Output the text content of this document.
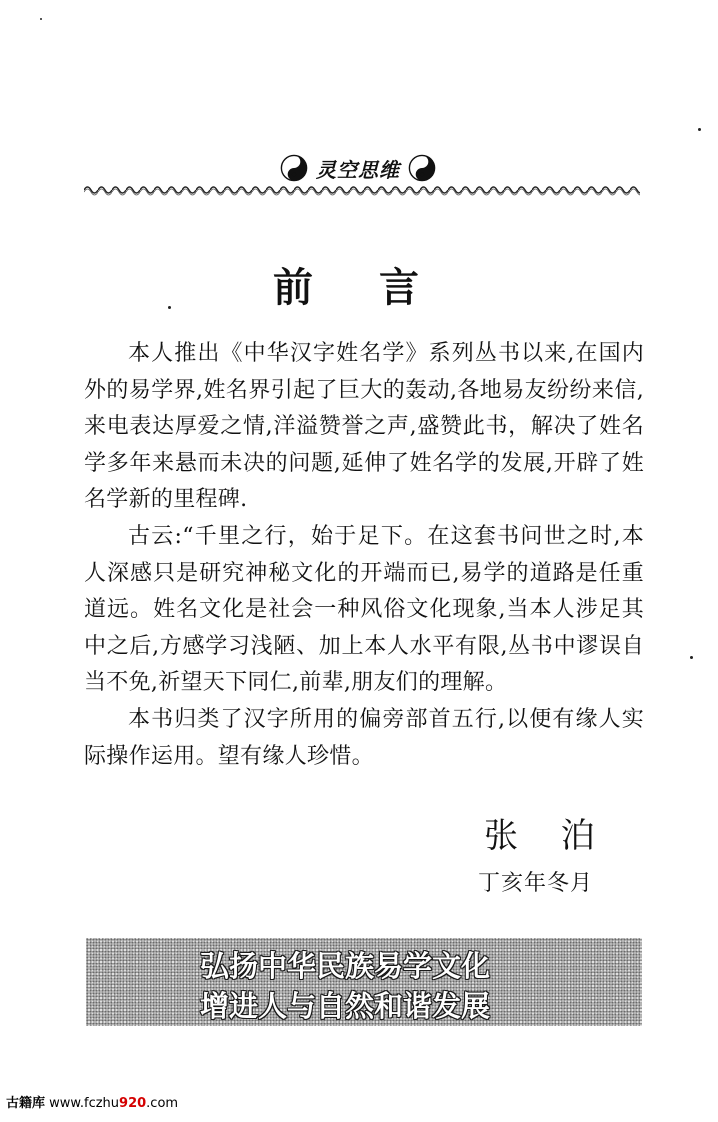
灵空思维
前 言

本人推出《中华汉字姓名学》系列丛书以来,在国内外的易学界,姓名界引起了巨大的轰动,各地易友纷纷来信,来电表达厚爱之情,洋溢赞誉之声,盛赞此书，解决了姓名学多年来悬而未决的问题,延伸了姓名学的发展,开辟了姓名学新的里程碑.

古云:“千里之行，始于足下。在这套书问世之时,本人深感只是研究神秘文化的开端而已,易学的道路是任重道远。姓名文化是社会一种风俗文化现象,当本人涉足其中之后,方感学习浅陋、加上本人水平有限,丛书中谬误自当不免,祈望天下同仁,前辈,朋友们的理解。

本书归类了汉字所用的偏旁部首五行,以便有缘人实际操作运用。望有缘人珍惜。

张 泊
丁亥年冬月
弘扬中华民族易学文化
增进人与自然和谐发展
古籍库 www.fczhu920.com
